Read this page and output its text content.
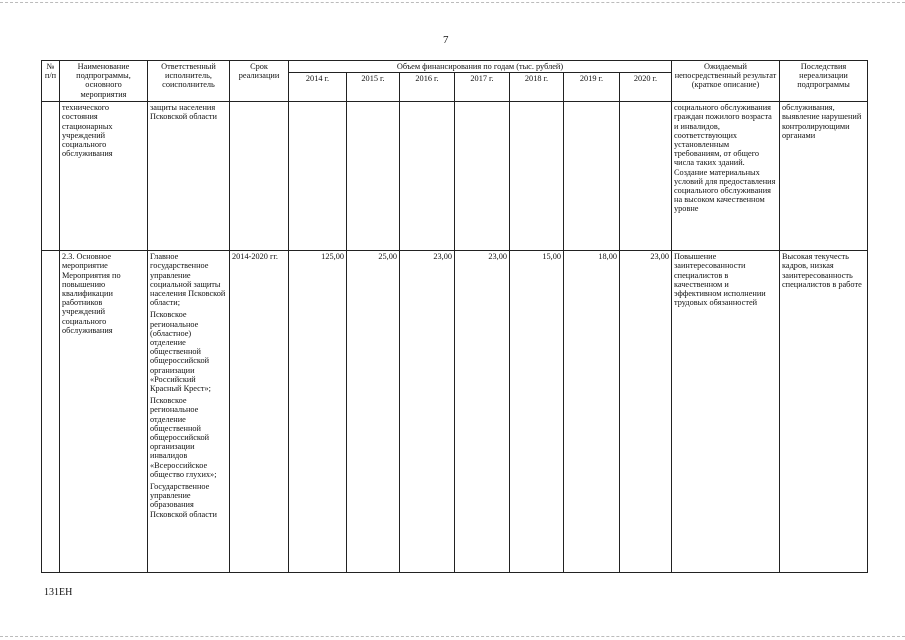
7
№ п/п	Наименование подпрограммы, основного мероприятия	Ответственный исполнитель, соисполнитель	Срок реализации	Объем финансирования по годам (тыс. рублей)							Ожидаемый непосредственный результат (краткое описание)	Последствия нереализации подпрограммы
				2014 г.	2015 г.	2016 г.	2017 г.	2018 г.	2019 г.	2020 г.		
	технического состояния стационарных учреждений социального обслуживания	защиты населения Псковской области									социального обслуживания граждан пожилого возраста и инвалидов, соответствующих установленным требованиям, от общего числа таких зданий. Создание материальных условий для предоставления социального обслуживания на высоком качественном уровне	обслуживания, выявление нарушений контролирующими органами
	2.3. Основное мероприятие Мероприятия по повышению квалификации работников учреждений социального обслуживания	Главное государственное управление социальной защиты населения Псковской области;
Псковское региональное (областное) отделение общественной общероссийской организации «Российский Красный Крест»;
Псковское региональное отделение общественной общероссийской организации инвалидов «Всероссийское общество глухих»;
Государственное управление образования Псковской области	2014-2020 гг.	125,00	25,00	23,00	23,00	15,00	18,00	23,00	Повышение заинтересованности специалистов в качественном и эффективном исполнении трудовых обязанностей	Высокая текучесть кадров, низкая заинтересованность специалистов в работе
131ЕН
